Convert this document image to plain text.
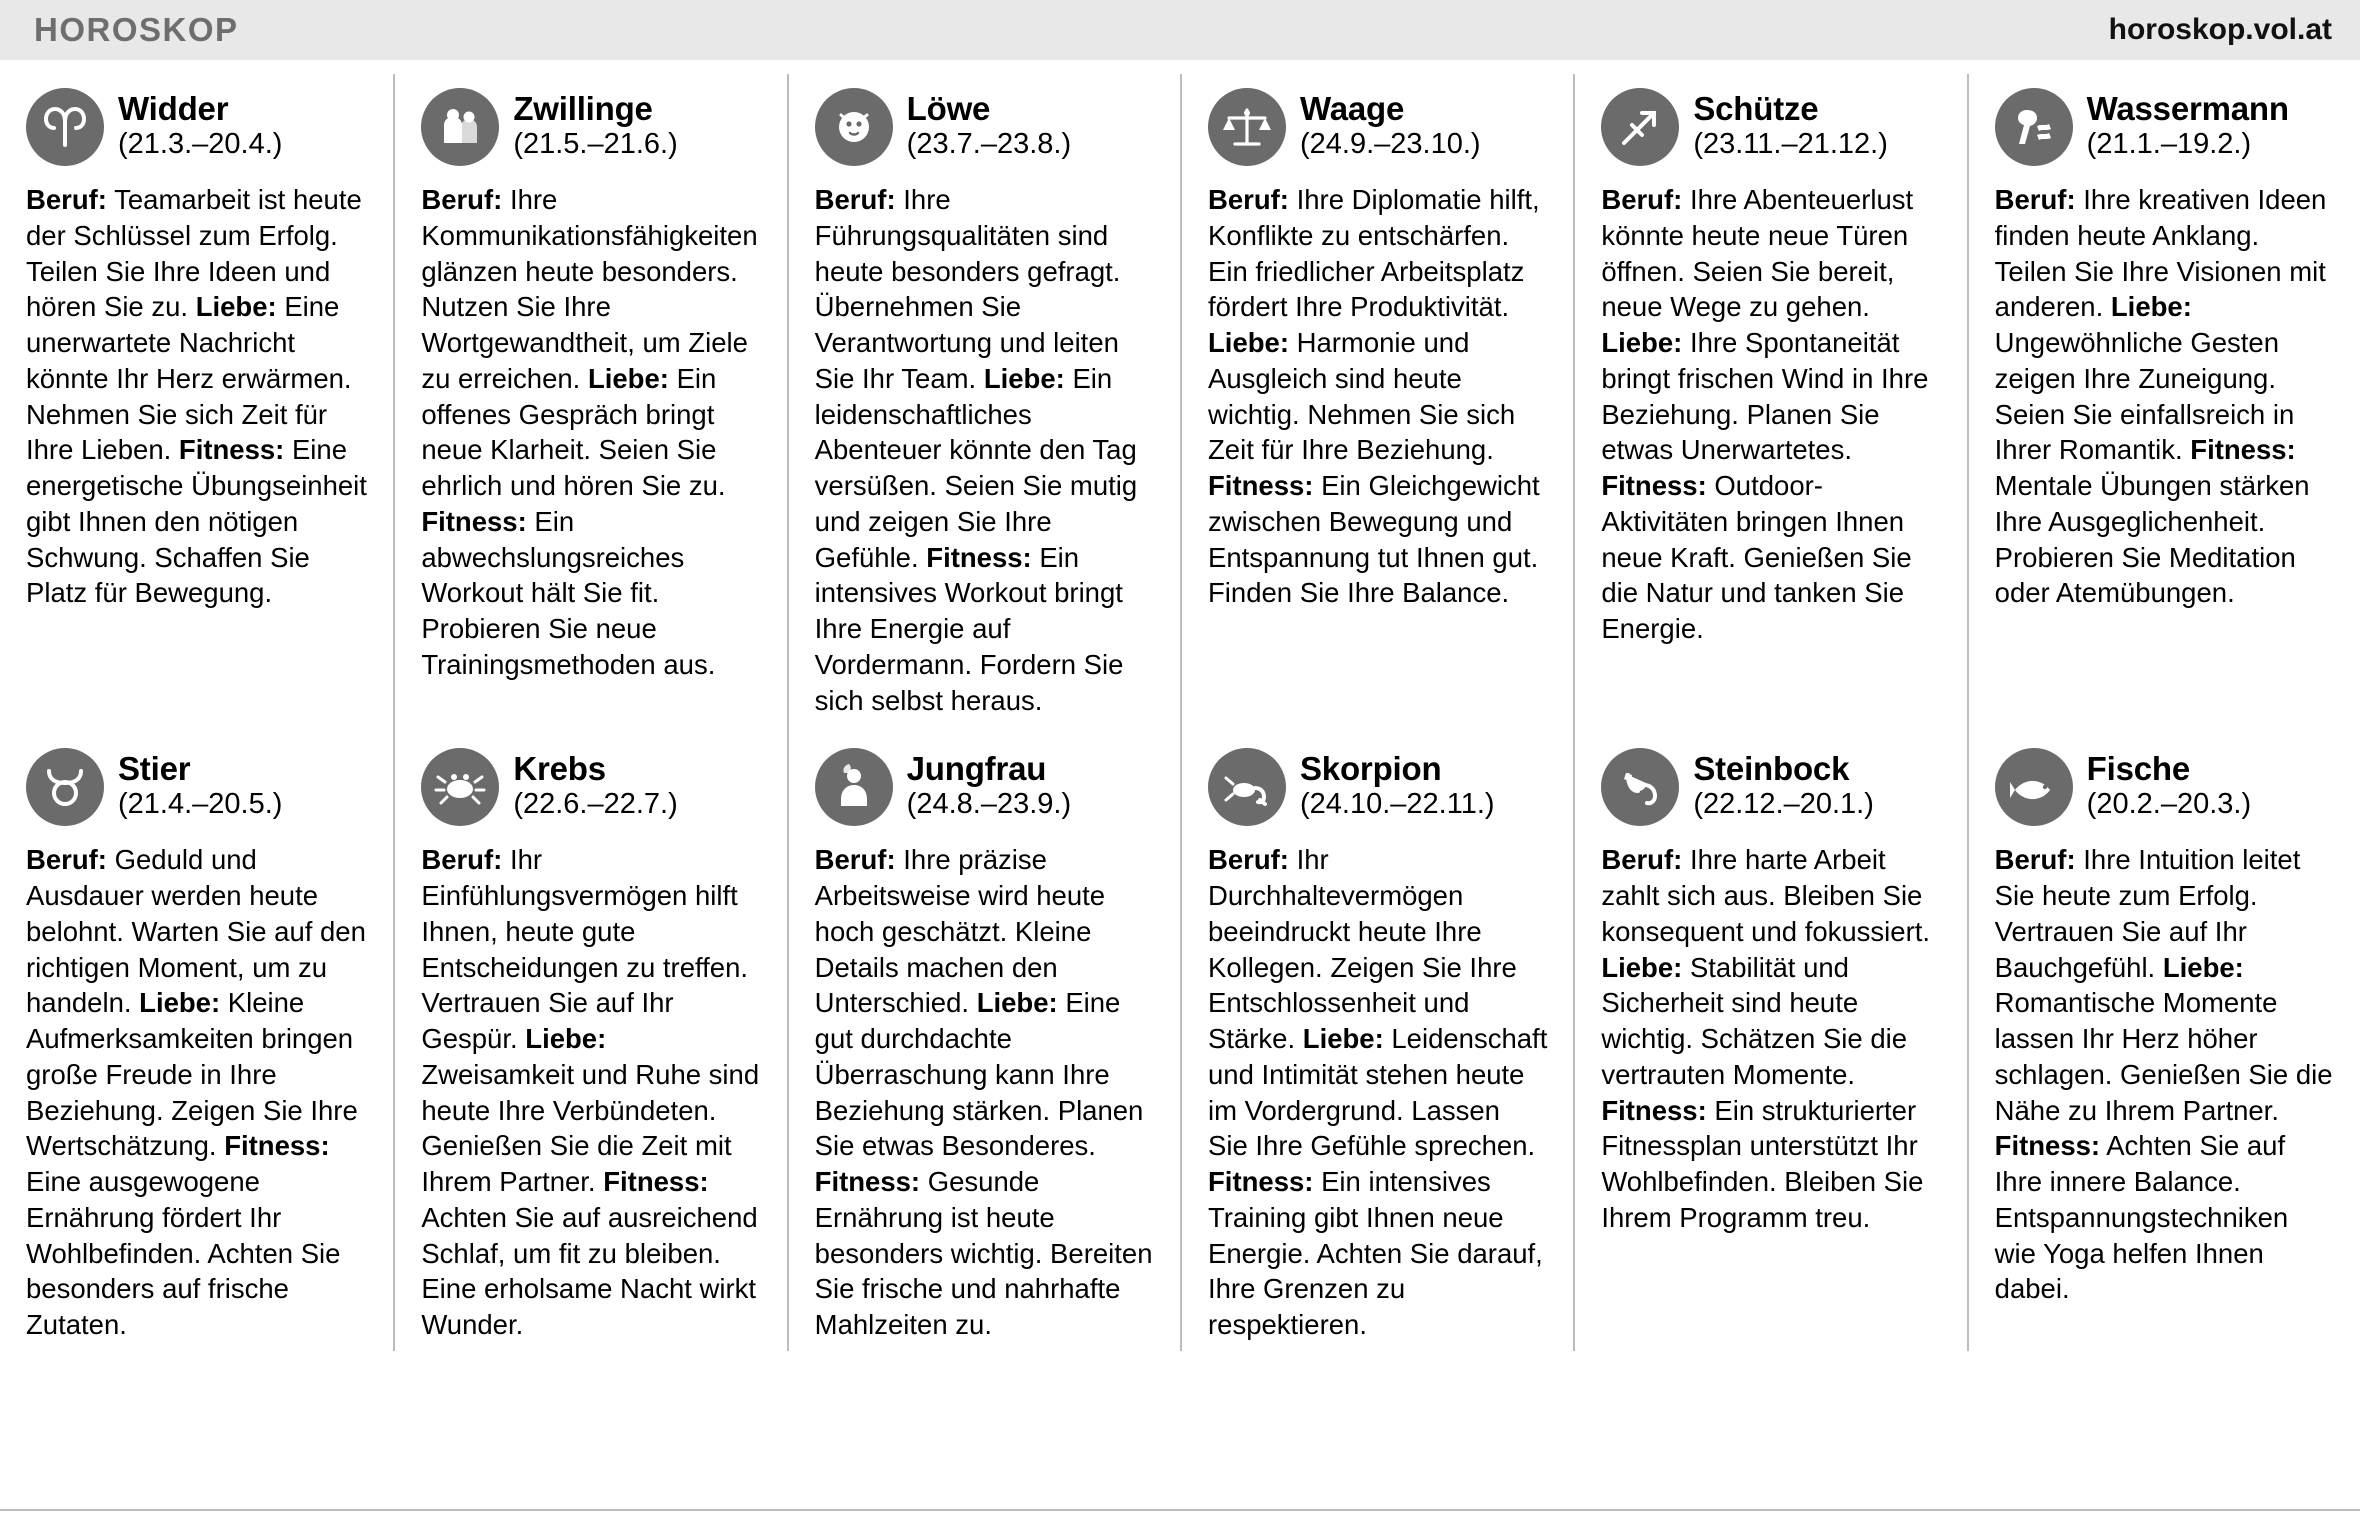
HOROSKOP	horoskop.vol.at
Widder
(21.3.–20.4.)
Beruf: Teamarbeit ist heute der Schlüssel zum Erfolg. Teilen Sie Ihre Ideen und hören Sie zu. Liebe: Eine unerwartete Nachricht könnte Ihr Herz erwärmen. Nehmen Sie sich Zeit für Ihre Lieben. Fitness: Eine energetische Übungseinheit gibt Ihnen den nötigen Schwung. Schaffen Sie Platz für Bewegung.
Zwillinge
(21.5.–21.6.)
Beruf: Ihre Kommunikationsfähigkeiten glänzen heute besonders. Nutzen Sie Ihre Wortgewandtheit, um Ziele zu erreichen. Liebe: Ein offenes Gespräch bringt neue Klarheit. Seien Sie ehrlich und hören Sie zu. Fitness: Ein abwechslungsreiches Workout hält Sie fit. Probieren Sie neue Trainingsmethoden aus.
Löwe
(23.7.–23.8.)
Beruf: Ihre Führungsqualitäten sind heute besonders gefragt. Übernehmen Sie Verantwortung und leiten Sie Ihr Team. Liebe: Ein leidenschaftliches Abenteuer könnte den Tag versüßen. Seien Sie mutig und zeigen Sie Ihre Gefühle. Fitness: Ein intensives Workout bringt Ihre Energie auf Vordermann. Fordern Sie sich selbst heraus.
Waage
(24.9.–23.10.)
Beruf: Ihre Diplomatie hilft, Konflikte zu entschärfen. Ein friedlicher Arbeitsplatz fördert Ihre Produktivität. Liebe: Harmonie und Ausgleich sind heute wichtig. Nehmen Sie sich Zeit für Ihre Beziehung. Fitness: Ein Gleichgewicht zwischen Bewegung und Entspannung tut Ihnen gut. Finden Sie Ihre Balance.
Schütze
(23.11.–21.12.)
Beruf: Ihre Abenteuerlust könnte heute neue Türen öffnen. Seien Sie bereit, neue Wege zu gehen. Liebe: Ihre Spontaneität bringt frischen Wind in Ihre Beziehung. Planen Sie etwas Unerwartetes. Fitness: Outdoor-Aktivitäten bringen Ihnen neue Kraft. Genießen Sie die Natur und tanken Sie Energie.
Wassermann
(21.1.–19.2.)
Beruf: Ihre kreativen Ideen finden heute Anklang. Teilen Sie Ihre Visionen mit anderen. Liebe: Ungewöhnliche Gesten zeigen Ihre Zuneigung. Seien Sie einfallsreich in Ihrer Romantik. Fitness: Mentale Übungen stärken Ihre Ausgeglichenheit. Probieren Sie Meditation oder Atemübungen.
Stier
(21.4.–20.5.)
Beruf: Geduld und Ausdauer werden heute belohnt. Warten Sie auf den richtigen Moment, um zu handeln. Liebe: Kleine Aufmerksamkeiten bringen große Freude in Ihre Beziehung. Zeigen Sie Ihre Wertschätzung. Fitness: Eine ausgewogene Ernährung fördert Ihr Wohlbefinden. Achten Sie besonders auf frische Zutaten.
Krebs
(22.6.–22.7.)
Beruf: Ihr Einfühlungsvermögen hilft Ihnen, heute gute Entscheidungen zu treffen. Vertrauen Sie auf Ihr Gespür. Liebe: Zweisamkeit und Ruhe sind heute Ihre Verbündeten. Genießen Sie die Zeit mit Ihrem Partner. Fitness: Achten Sie auf ausreichend Schlaf, um fit zu bleiben. Eine erholsame Nacht wirkt Wunder.
Jungfrau
(24.8.–23.9.)
Beruf: Ihre präzise Arbeitsweise wird heute hoch geschätzt. Kleine Details machen den Unterschied. Liebe: Eine gut durchdachte Überraschung kann Ihre Beziehung stärken. Planen Sie etwas Besonderes. Fitness: Gesunde Ernährung ist heute besonders wichtig. Bereiten Sie frische und nahrhafte Mahlzeiten zu.
Skorpion
(24.10.–22.11.)
Beruf: Ihr Durchhaltevermögen beeindruckt heute Ihre Kollegen. Zeigen Sie Ihre Entschlossenheit und Stärke. Liebe: Leidenschaft und Intimität stehen heute im Vordergrund. Lassen Sie Ihre Gefühle sprechen. Fitness: Ein intensives Training gibt Ihnen neue Energie. Achten Sie darauf, Ihre Grenzen zu respektieren.
Steinbock
(22.12.–20.1.)
Beruf: Ihre harte Arbeit zahlt sich aus. Bleiben Sie konsequent und fokussiert. Liebe: Stabilität und Sicherheit sind heute wichtig. Schätzen Sie die vertrauten Momente. Fitness: Ein strukturierter Fitnessplan unterstützt Ihr Wohlbefinden. Bleiben Sie Ihrem Programm treu.
Fische
(20.2.–20.3.)
Beruf: Ihre Intuition leitet Sie heute zum Erfolg. Vertrauen Sie auf Ihr Bauchgefühl. Liebe: Romantische Momente lassen Ihr Herz höher schlagen. Genießen Sie die Nähe zu Ihrem Partner. Fitness: Achten Sie auf Ihre innere Balance. Entspannungstechniken wie Yoga helfen Ihnen dabei.
